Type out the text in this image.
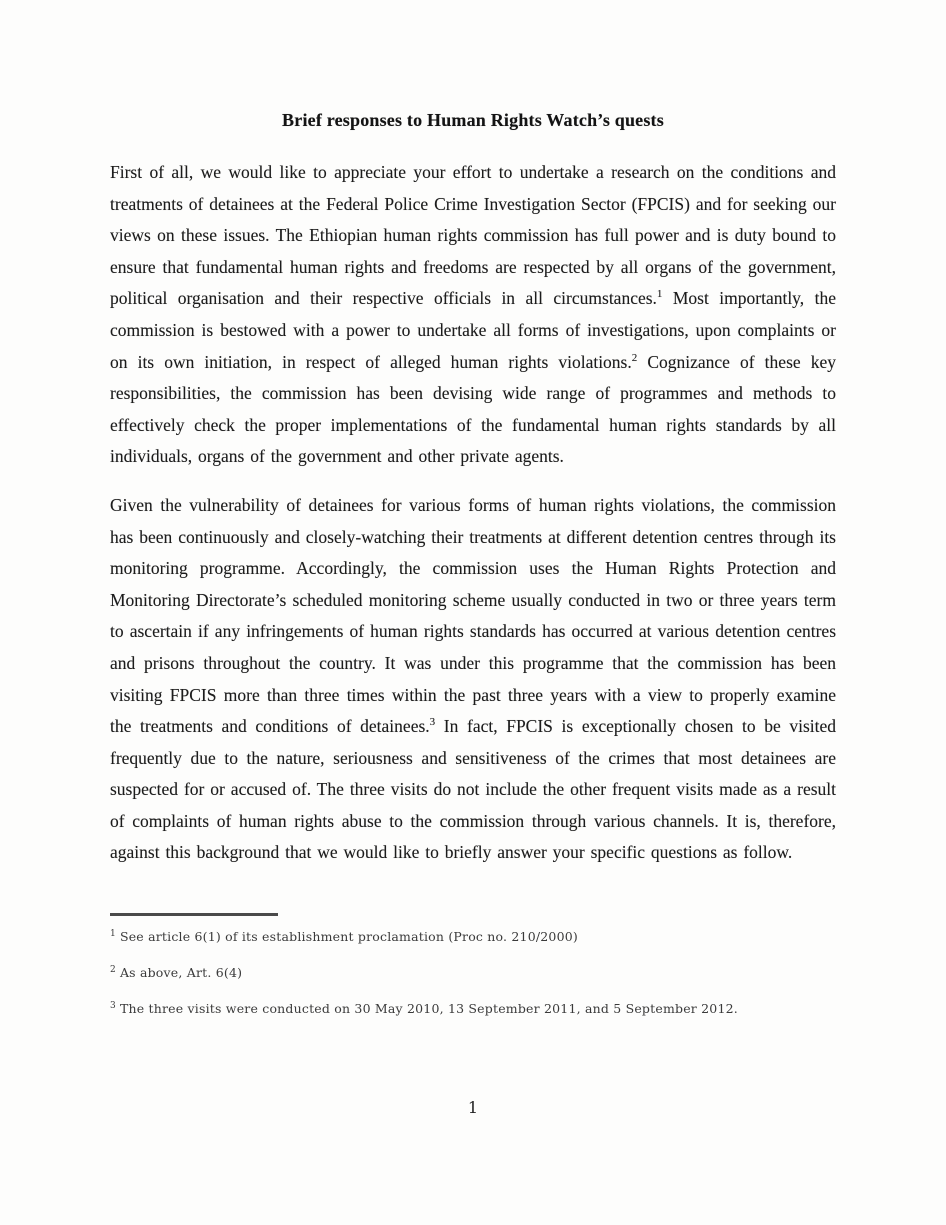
Brief responses to Human Rights Watch’s quests

First of all, we would like to appreciate your effort to undertake a research on the conditions and treatments of detainees at the Federal Police Crime Investigation Sector (FPCIS) and for seeking our views on these issues. The Ethiopian human rights commission has full power and is duty bound to ensure that fundamental human rights and freedoms are respected by all organs of the government, political organisation and their respective officials in all circumstances.$^1$ Most importantly, the commission is bestowed with a power to undertake all forms of investigations, upon complaints or on its own initiation, in respect of alleged human rights violations.$^2$ Cognizance of these key responsibilities, the commission has been devising wide range of programmes and methods to effectively check the proper implementations of the fundamental human rights standards by all individuals, organs of the government and other private agents.

Given the vulnerability of detainees for various forms of human rights violations, the commission has been continuously and closely-watching their treatments at different detention centres through its monitoring programme. Accordingly, the commission uses the Human Rights Protection and Monitoring Directorate’s scheduled monitoring scheme usually conducted in two or three years term to ascertain if any infringements of human rights standards has occurred at various detention centres and prisons throughout the country. It was under this programme that the commission has been visiting FPCIS more than three times within the past three years with a view to properly examine the treatments and conditions of detainees.$^3$ In fact, FPCIS is exceptionally chosen to be visited frequently due to the nature, seriousness and sensitiveness of the crimes that most detainees are suspected for or accused of. The three visits do not include the other frequent visits made as a result of complaints of human rights abuse to the commission through various channels. It is, therefore, against this background that we would like to briefly answer your specific questions as follow.

$^1$ See article 6(1) of its establishment proclamation (Proc no. 210/2000)

$^2$ As above, Art. 6(4)

$^3$ The three visits were conducted on 30 May 2010, 13 September 2011, and 5 September 2012.

1
